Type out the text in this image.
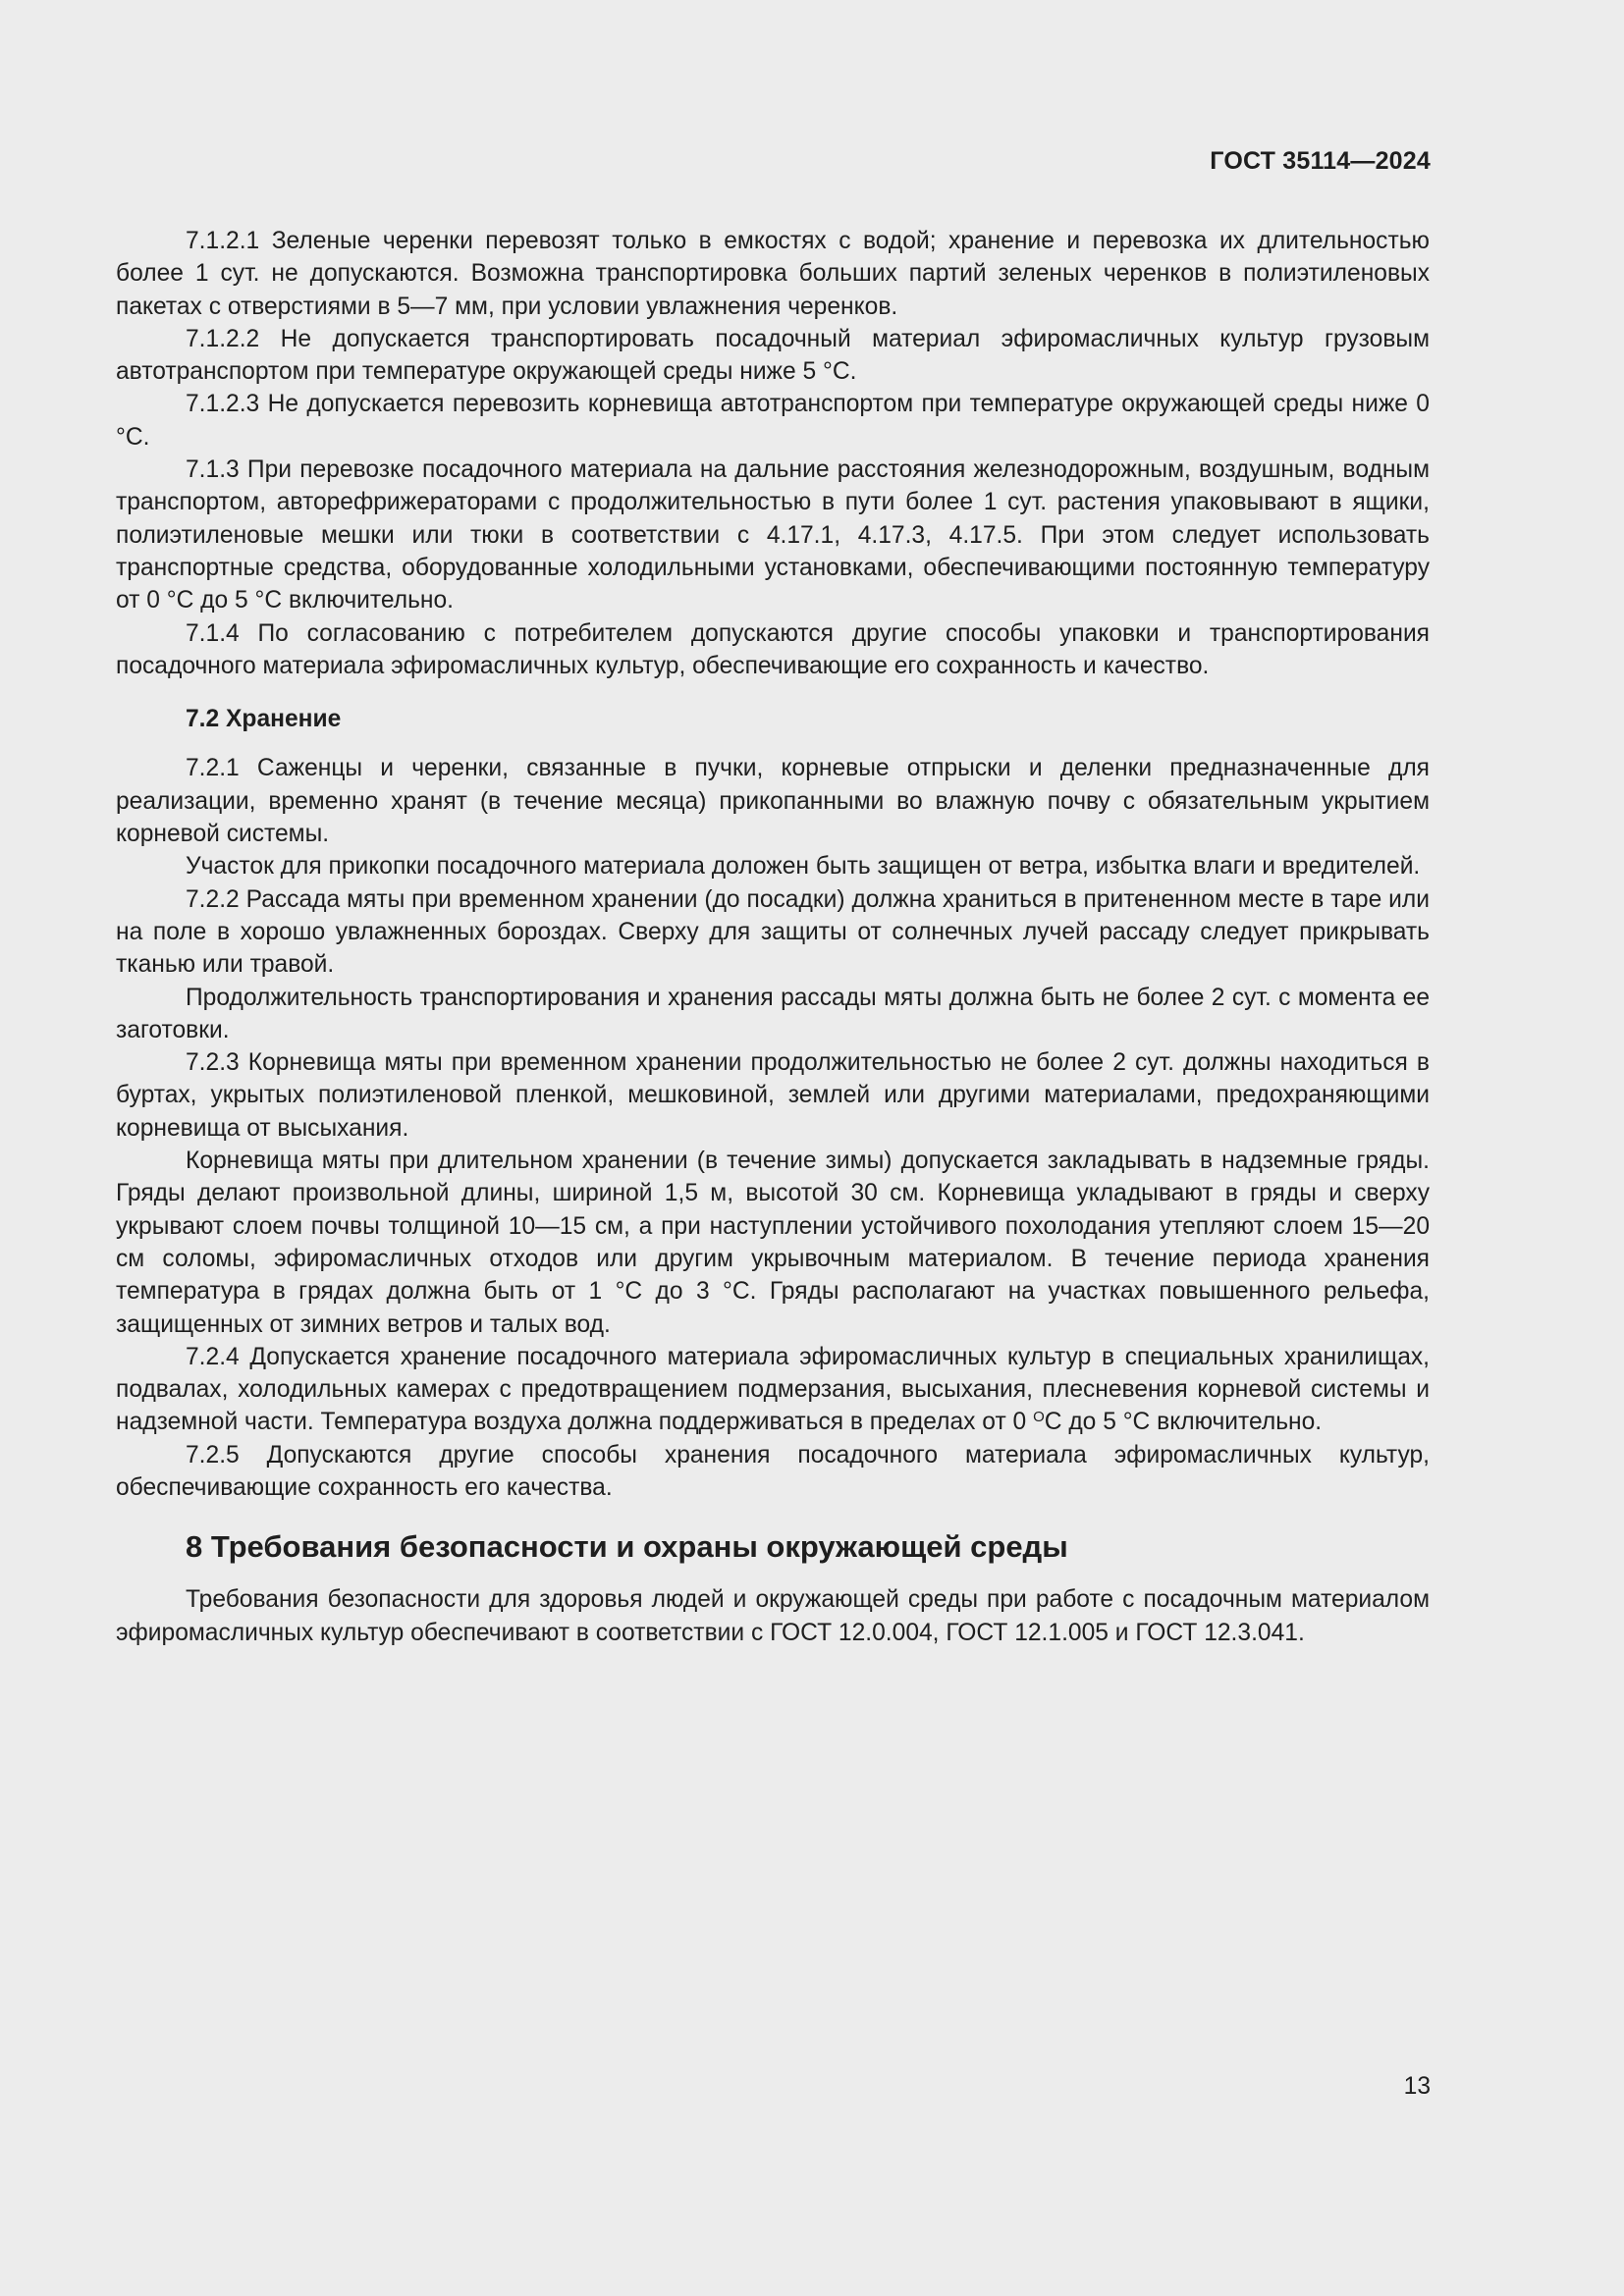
ГОСТ 35114—2024

7.1.2.1 Зеленые черенки перевозят только в емкостях с водой; хранение и перевозка их длительностью более 1 сут. не допускаются. Возможна транспортировка больших партий зеленых черенков в полиэтиленовых пакетах с отверстиями в 5—7 мм, при условии увлажнения черенков.

7.1.2.2 Не допускается транспортировать посадочный материал эфиромасличных культур грузовым автотранспортом при температуре окружающей среды ниже 5 °С.

7.1.2.3 Не допускается перевозить корневища автотранспортом при температуре окружающей среды ниже 0 °С.

7.1.3 При перевозке посадочного материала на дальние расстояния железнодорожным, воздушным, водным транспортом, авторефрижераторами с продолжительностью в пути более 1 сут. растения упаковывают в ящики, полиэтиленовые мешки или тюки в соответствии с 4.17.1, 4.17.3, 4.17.5. При этом следует использовать транспортные средства, оборудованные холодильными установками, обеспечивающими постоянную температуру от 0 °С до 5 °С включительно.

7.1.4 По согласованию с потребителем допускаются другие способы упаковки и транспортирования посадочного материала эфиромасличных культур, обеспечивающие его сохранность и качество.

7.2 Хранение

7.2.1 Саженцы и черенки, связанные в пучки, корневые отпрыски и деленки предназначенные для реализации, временно хранят (в течение месяца) прикопанными во влажную почву с обязательным укрытием корневой системы.

Участок для прикопки посадочного материала доложен быть защищен от ветра, избытка влаги и вредителей.

7.2.2 Рассада мяты при временном хранении (до посадки) должна храниться в притененном месте в таре или на поле в хорошо увлажненных бороздах. Сверху для защиты от солнечных лучей рассаду следует прикрывать тканью или травой.

Продолжительность транспортирования и хранения рассады мяты должна быть не более 2 сут. с момента ее заготовки.

7.2.3 Корневища мяты при временном хранении продолжительностью не более 2 сут. должны находиться в буртах, укрытых полиэтиленовой пленкой, мешковиной, землей или другими материалами, предохраняющими корневища от высыхания.

Корневища мяты при длительном хранении (в течение зимы) допускается закладывать в надземные гряды. Гряды делают произвольной длины, шириной 1,5 м, высотой 30 см. Корневища укладывают в гряды и сверху укрывают слоем почвы толщиной 10—15 см, а при наступлении устойчивого похолодания утепляют слоем 15—20 см соломы, эфиромасличных отходов или другим укрывочным материалом. В течение периода хранения температура в грядах должна быть от 1 °С до 3 °С. Гряды располагают на участках повышенного рельефа, защищенных от зимних ветров и талых вод.

7.2.4 Допускается хранение посадочного материала эфиромасличных культур в специальных хранилищах, подвалах, холодильных камерах с предотвращением подмерзания, высыхания, плесневения корневой системы и надземной части. Температура воздуха должна поддерживаться в пределах от 0 $^О$С до 5 °С включительно.

7.2.5 Допускаются другие способы хранения посадочного материала эфиромасличных культур, обеспечивающие сохранность его качества.

8 Требования безопасности и охраны окружающей среды

Требования безопасности для здоровья людей и окружающей среды при работе с посадочным материалом эфиромасличных культур обеспечивают в соответствии с ГОСТ 12.0.004, ГОСТ 12.1.005 и ГОСТ 12.3.041.

13
